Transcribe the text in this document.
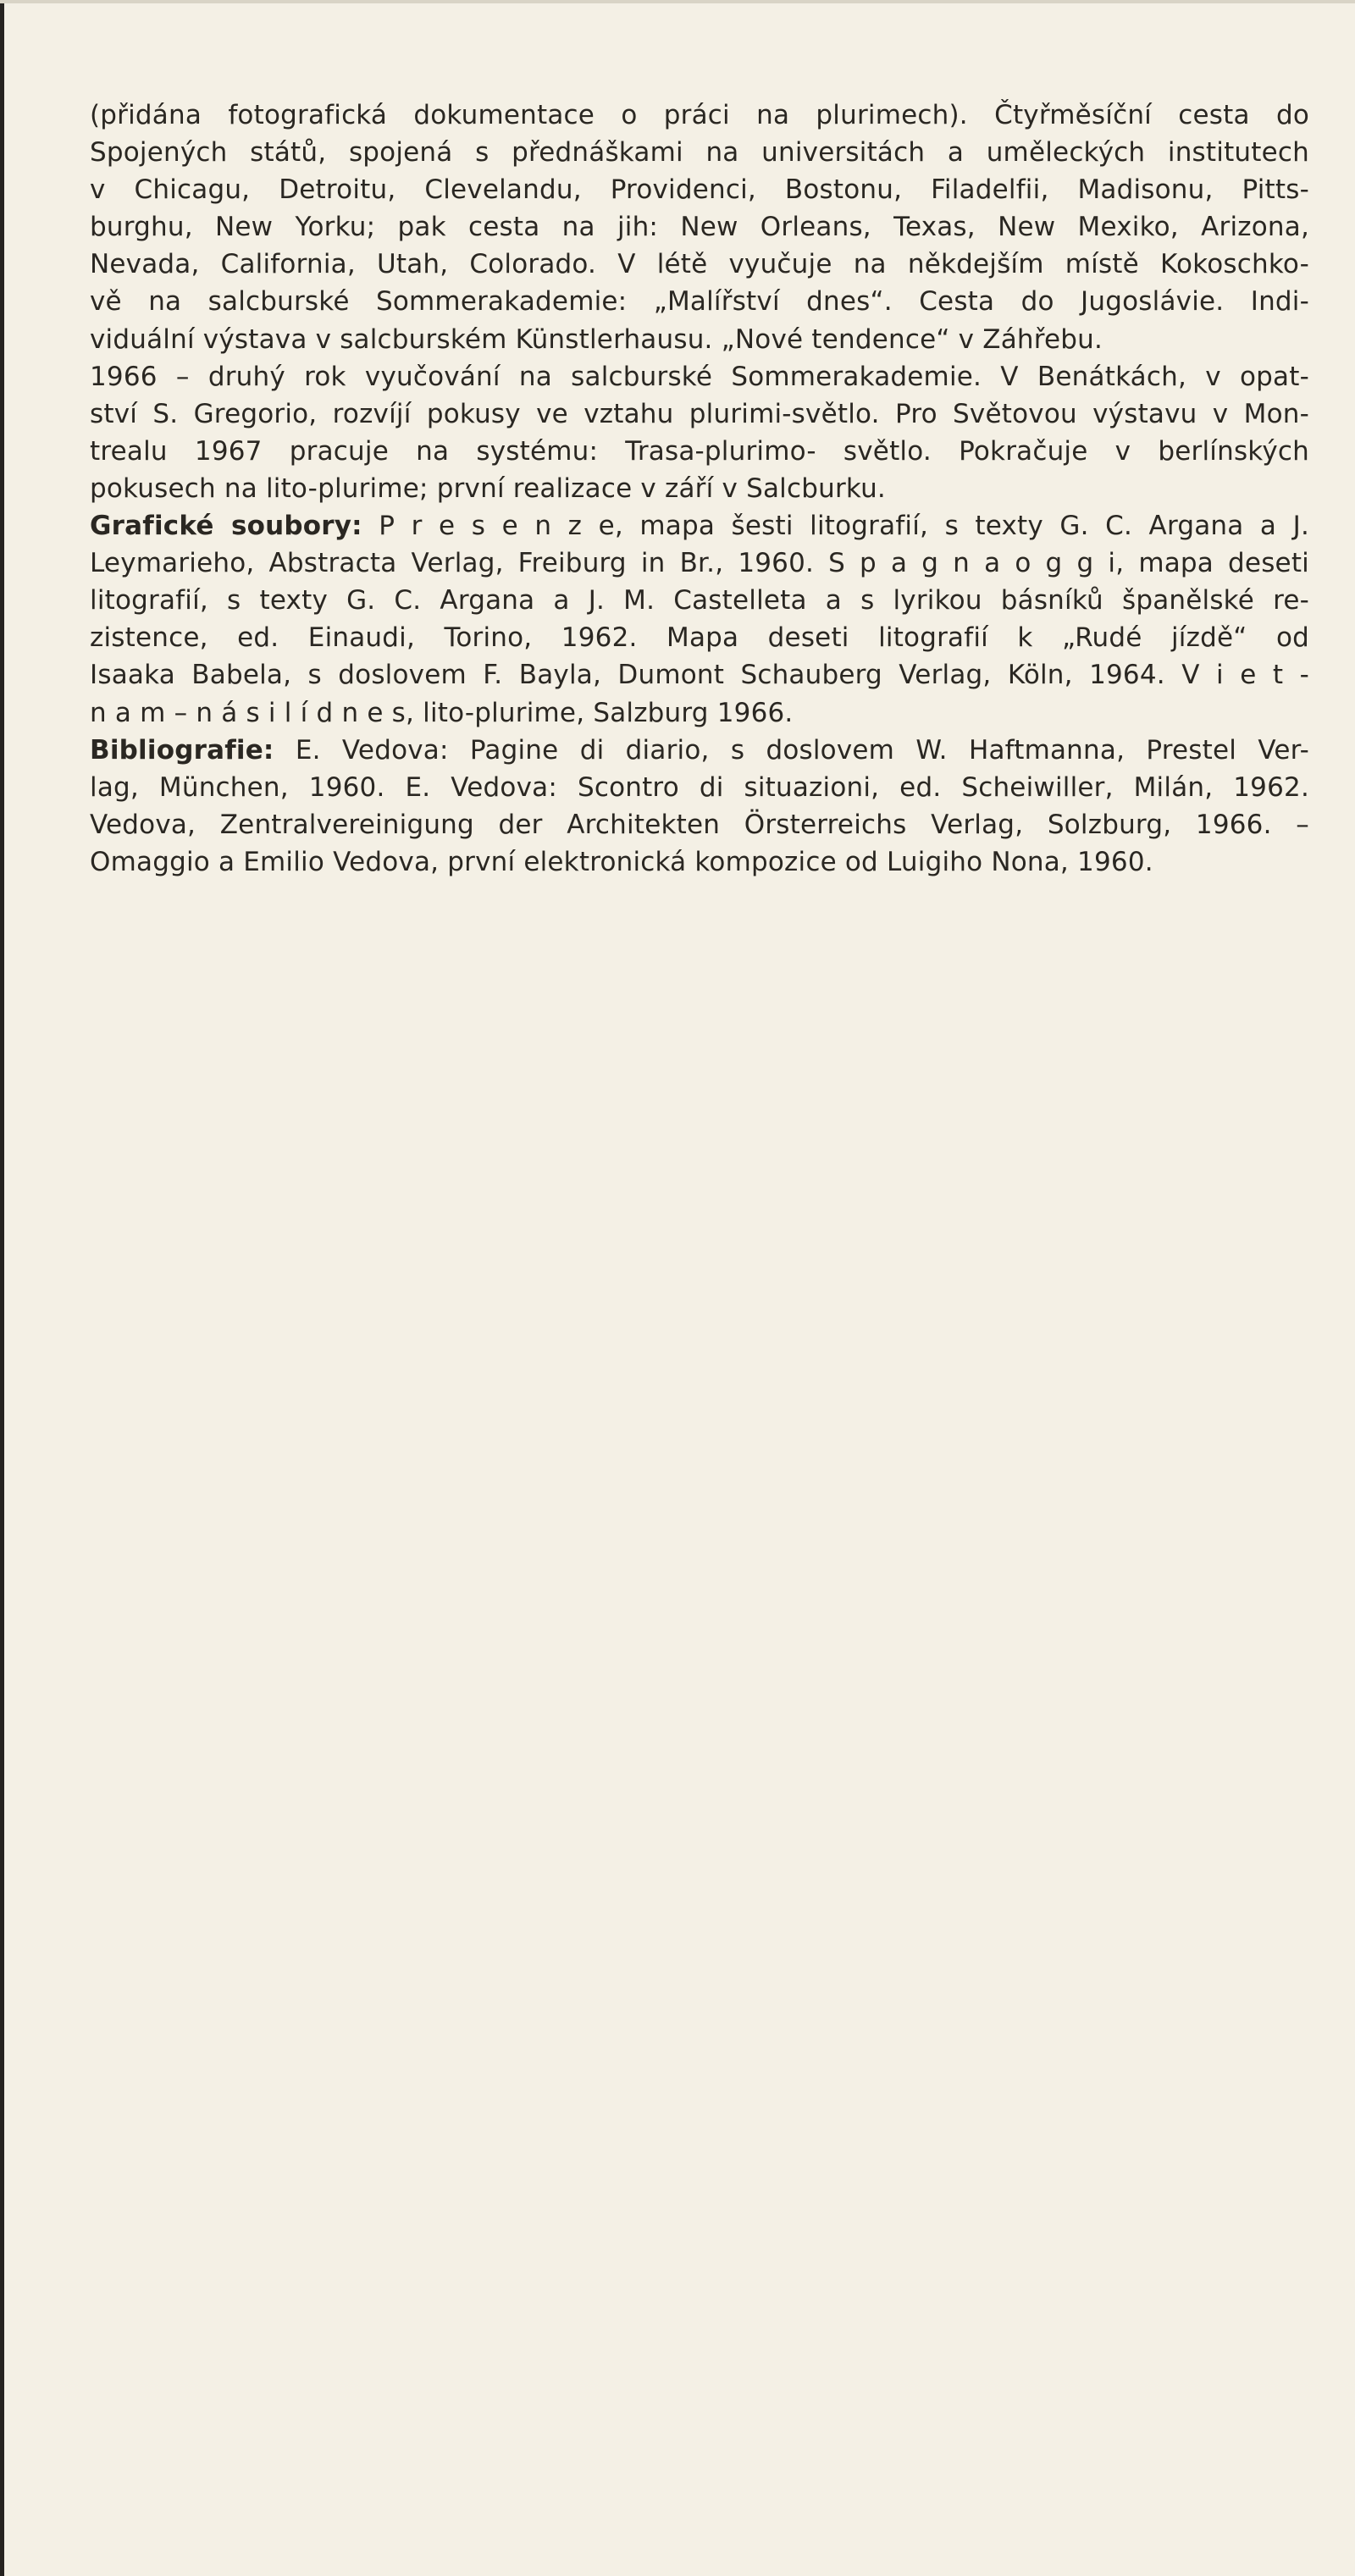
(přidána fotografická dokumentace o práci na plurimech). Čtyřměsíční cesta do
Spojených států, spojená s přednáškami na universitách a uměleckých institutech
v Chicagu, Detroitu, Clevelandu, Providenci, Bostonu, Filadelfii, Madisonu, Pitts-
burghu, New Yorku; pak cesta na jih: New Orleans, Texas, New Mexiko, Arizona,
Nevada, California, Utah, Colorado. V létě vyučuje na někdejším místě Kokoschko-
vě na salcburské Sommerakademie: „Malířství dnes“. Cesta do Jugoslávie. Indi-
viduální výstava v salcburském Künstlerhausu. „Nové tendence“ v Záhřebu.
1966 – druhý rok vyučování na salcburské Sommerakademie. V Benátkách, v opat-
ství S. Gregorio, rozvíjí pokusy ve vztahu plurimi-světlo. Pro Světovou výstavu v Mon-
trealu 1967 pracuje na systému: Trasa-plurimo- světlo. Pokračuje v berlínských
pokusech na lito-plurime; první realizace v září v Salcburku.
Grafické soubory: P r e s e n z e, mapa šesti litografií, s texty G. C. Argana a J.
Leymarieho, Abstracta Verlag, Freiburg in Br., 1960. S p a g n a o g g i, mapa deseti
litografií, s texty G. C. Argana a J. M. Castelleta a s lyrikou básníků španělské re-
zistence, ed. Einaudi, Torino, 1962. Mapa deseti litografií k „Rudé jízdě“ od
Isaaka Babela, s doslovem F. Bayla, Dumont Schauberg Verlag, Köln, 1964. V i e t -
n a m – n á s i l í d n e s, lito-plurime, Salzburg 1966.
Bibliografie: E. Vedova: Pagine di diario, s doslovem W. Haftmanna, Prestel Ver-
lag, München, 1960. E. Vedova: Scontro di situazioni, ed. Scheiwiller, Milán, 1962.
Vedova, Zentralvereinigung der Architekten Örsterreichs Verlag, Solzburg, 1966. –
Omaggio a Emilio Vedova, první elektronická kompozice od Luigiho Nona, 1960.
